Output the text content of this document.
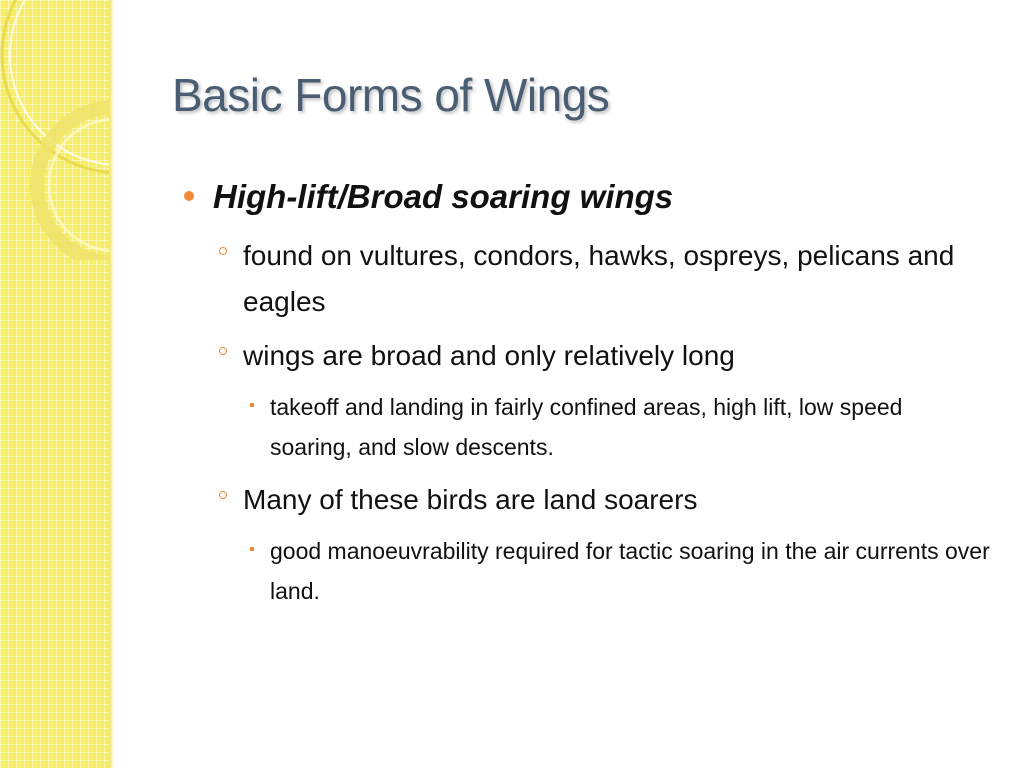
Basic Forms of Wings
High-lift/Broad soaring wings
found on vultures, condors, hawks, ospreys, pelicans and eagles
wings are broad and only relatively long
takeoff and landing in fairly confined areas, high lift, low speed soaring, and slow descents.
Many of these birds are land soarers
good manoeuvrability required for tactic soaring in the air currents over land.
